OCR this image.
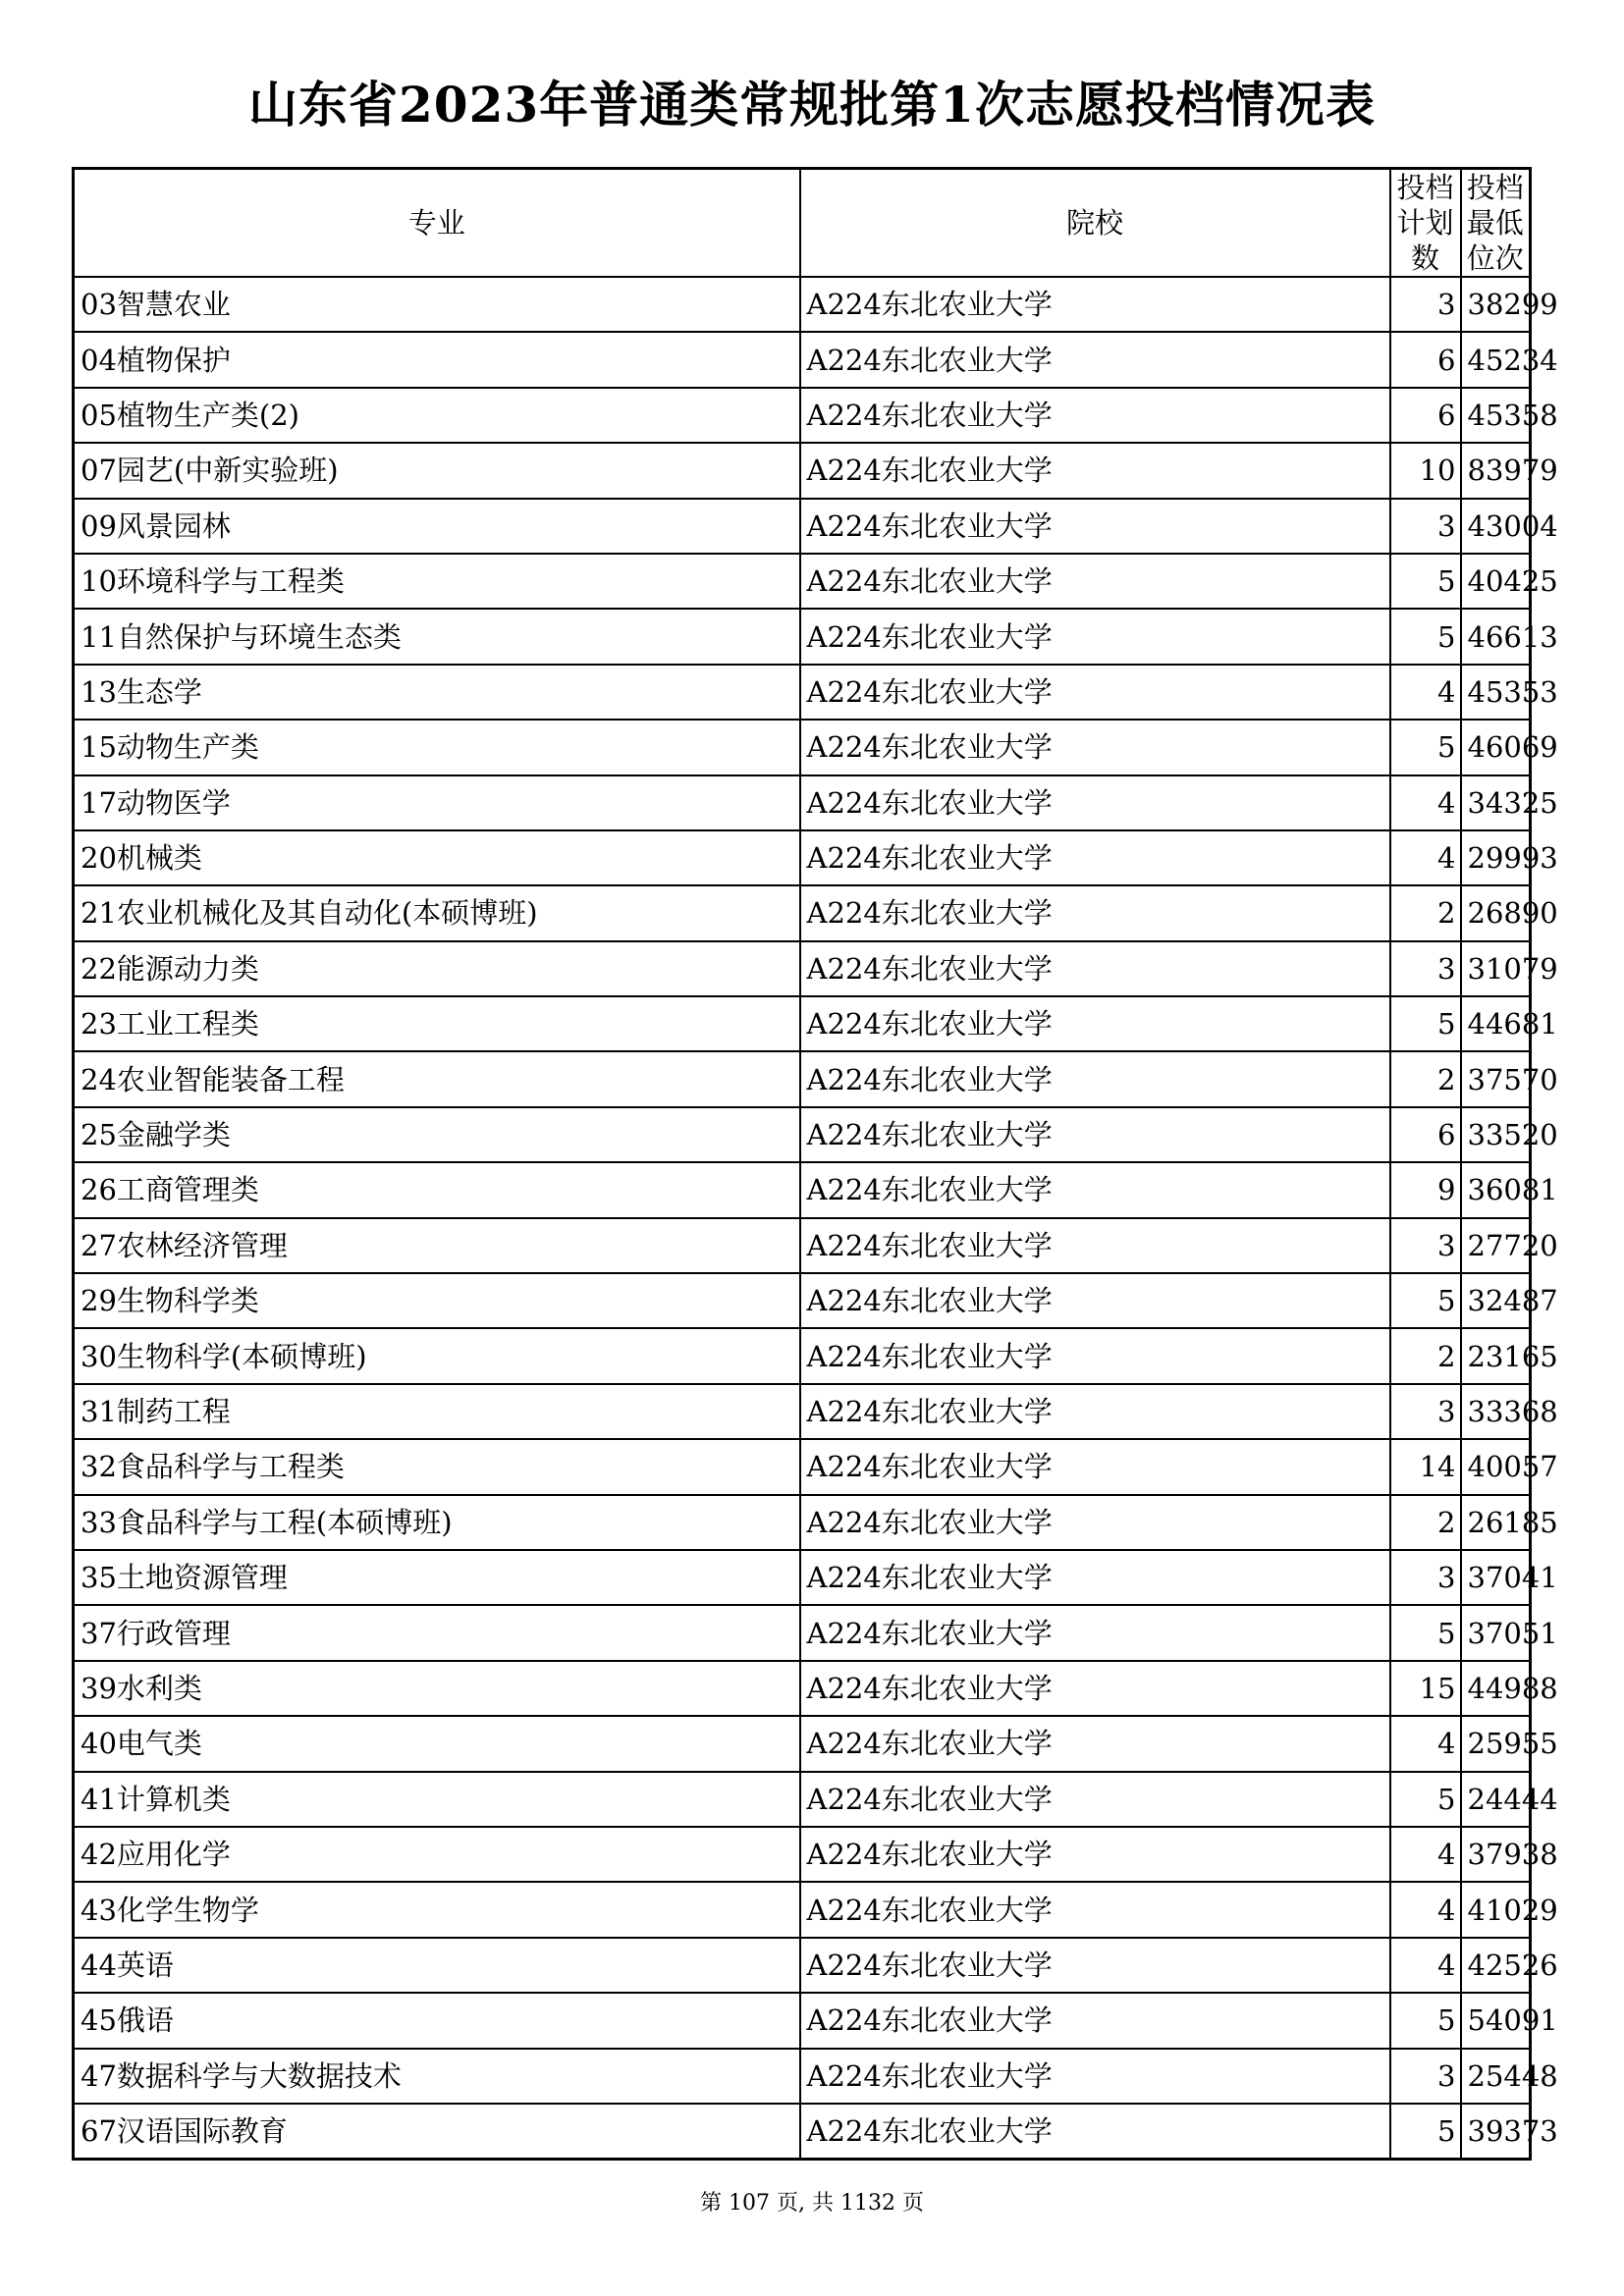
山东省2023年普通类常规批第1次志愿投档情况表
专业	院校	投档计划数	投档最低位次
03智慧农业	A224东北农业大学	3	38299
04植物保护	A224东北农业大学	6	45234
05植物生产类(2)	A224东北农业大学	6	45358
07园艺(中新实验班)	A224东北农业大学	10	83979
09风景园林	A224东北农业大学	3	43004
10环境科学与工程类	A224东北农业大学	5	40425
11自然保护与环境生态类	A224东北农业大学	5	46613
13生态学	A224东北农业大学	4	45353
15动物生产类	A224东北农业大学	5	46069
17动物医学	A224东北农业大学	4	34325
20机械类	A224东北农业大学	4	29993
21农业机械化及其自动化(本硕博班)	A224东北农业大学	2	26890
22能源动力类	A224东北农业大学	3	31079
23工业工程类	A224东北农业大学	5	44681
24农业智能装备工程	A224东北农业大学	2	37570
25金融学类	A224东北农业大学	6	33520
26工商管理类	A224东北农业大学	9	36081
27农林经济管理	A224东北农业大学	3	27720
29生物科学类	A224东北农业大学	5	32487
30生物科学(本硕博班)	A224东北农业大学	2	23165
31制药工程	A224东北农业大学	3	33368
32食品科学与工程类	A224东北农业大学	14	40057
33食品科学与工程(本硕博班)	A224东北农业大学	2	26185
35土地资源管理	A224东北农业大学	3	37041
37行政管理	A224东北农业大学	5	37051
39水利类	A224东北农业大学	15	44988
40电气类	A224东北农业大学	4	25955
41计算机类	A224东北农业大学	5	24444
42应用化学	A224东北农业大学	4	37938
43化学生物学	A224东北农业大学	4	41029
44英语	A224东北农业大学	4	42526
45俄语	A224东北农业大学	5	54091
47数据科学与大数据技术	A224东北农业大学	3	25448
67汉语国际教育	A224东北农业大学	5	39373
第 107 页, 共 1132 页
